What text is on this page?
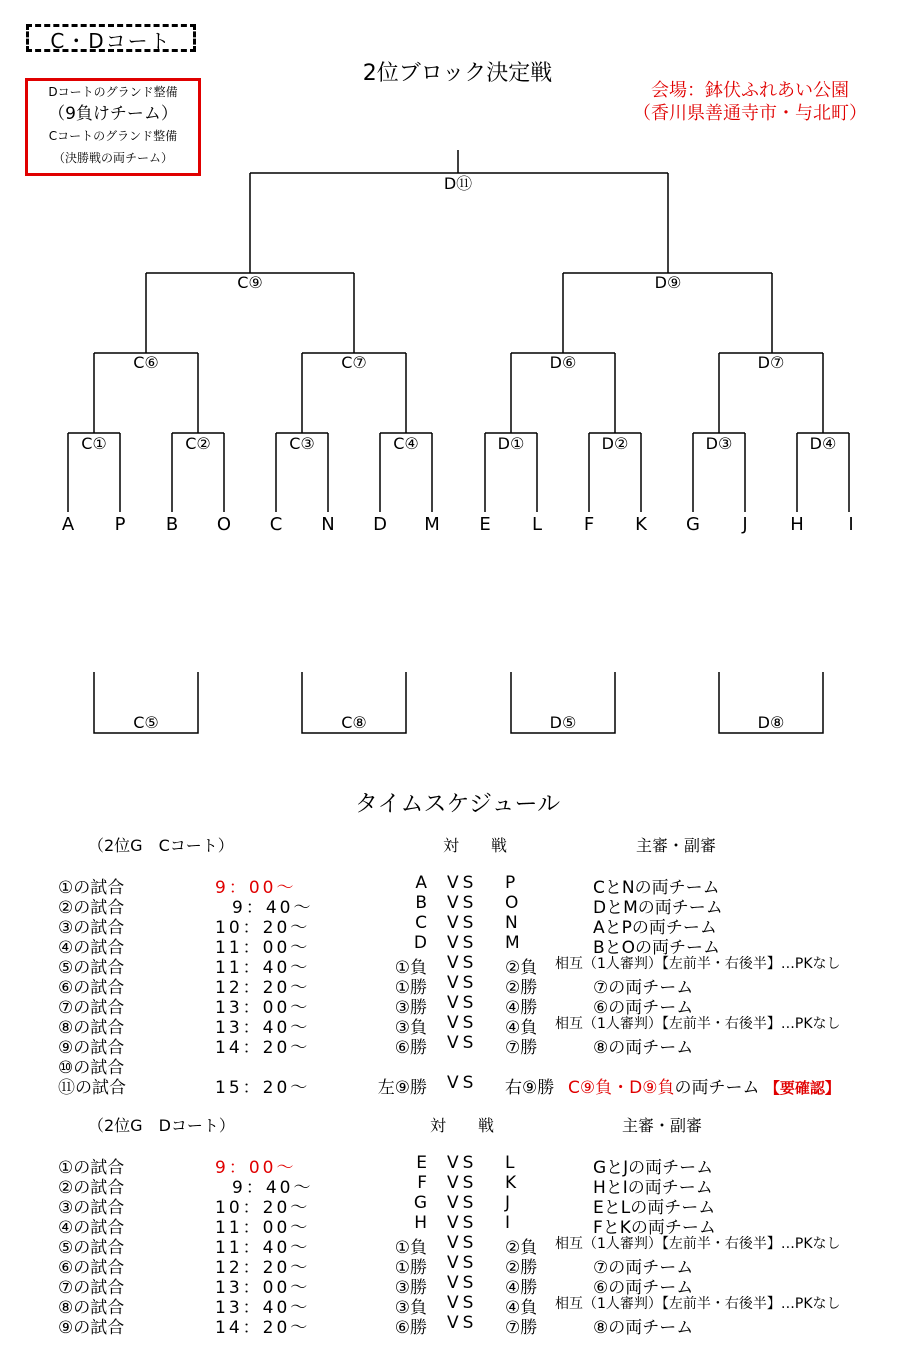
C・Dコート
2位ブロック決定戦
会場：鉢伏ふれあい公園
（香川県善通寺市・与北町）
Dコートのグランド整備
（9負けチーム）
Cコートのグランド整備
（決勝戦の両チーム）
D⑪
C⑨	D⑨
C⑥	C⑦	D⑥	D⑦
C①	C②	C③	C④	D①	D②	D③	D④
A P B O C N D M E L F K G J H I
C⑤	C⑧	D⑤	D⑧
タイムスケジュール
（2位G　Cコート）	対　　戦	主審・副審
①の試合	9：00～	A VS P	CとNの両チーム
②の試合	9：40～	B VS O	DとMの両チーム
③の試合	10：20～	C VS N	AとPの両チーム
④の試合	11：00～	D VS M	BとOの両チーム
⑤の試合	11：40～	①負 VS ②負 相互（1人審判）【左前半・右後半】…PKなし
⑥の試合	12：20～	①勝 VS ②勝	⑦の両チーム
⑦の試合	13：00～	③勝 VS ④勝	⑥の両チーム
⑧の試合	13：40～	③負 VS ④負 相互（1人審判）【左前半・右後半】…PKなし
⑨の試合	14：20～	⑥勝 VS ⑦勝	⑧の両チーム
⑩の試合
⑪の試合	15：20～	左⑨勝 VS 右⑨勝 C⑨負・D⑨負の両チーム 【要確認】
（2位G　Dコート）	対　　戦	主審・副審
①の試合	9：00～	E VS L	GとJの両チーム
②の試合	9：40～	F VS K	HとIの両チーム
③の試合	10：20～	G VS J	EとLの両チーム
④の試合	11：00～	H VS I	FとKの両チーム
⑤の試合	11：40～	①負 VS ②負 相互（1人審判）【左前半・右後半】…PKなし
⑥の試合	12：20～	①勝 VS ②勝	⑦の両チーム
⑦の試合	13：00～	③勝 VS ④勝	⑥の両チーム
⑧の試合	13：40～	③負 VS ④負 相互（1人審判）【左前半・右後半】…PKなし
⑨の試合	14：20～	⑥勝 VS ⑦勝	⑧の両チーム
